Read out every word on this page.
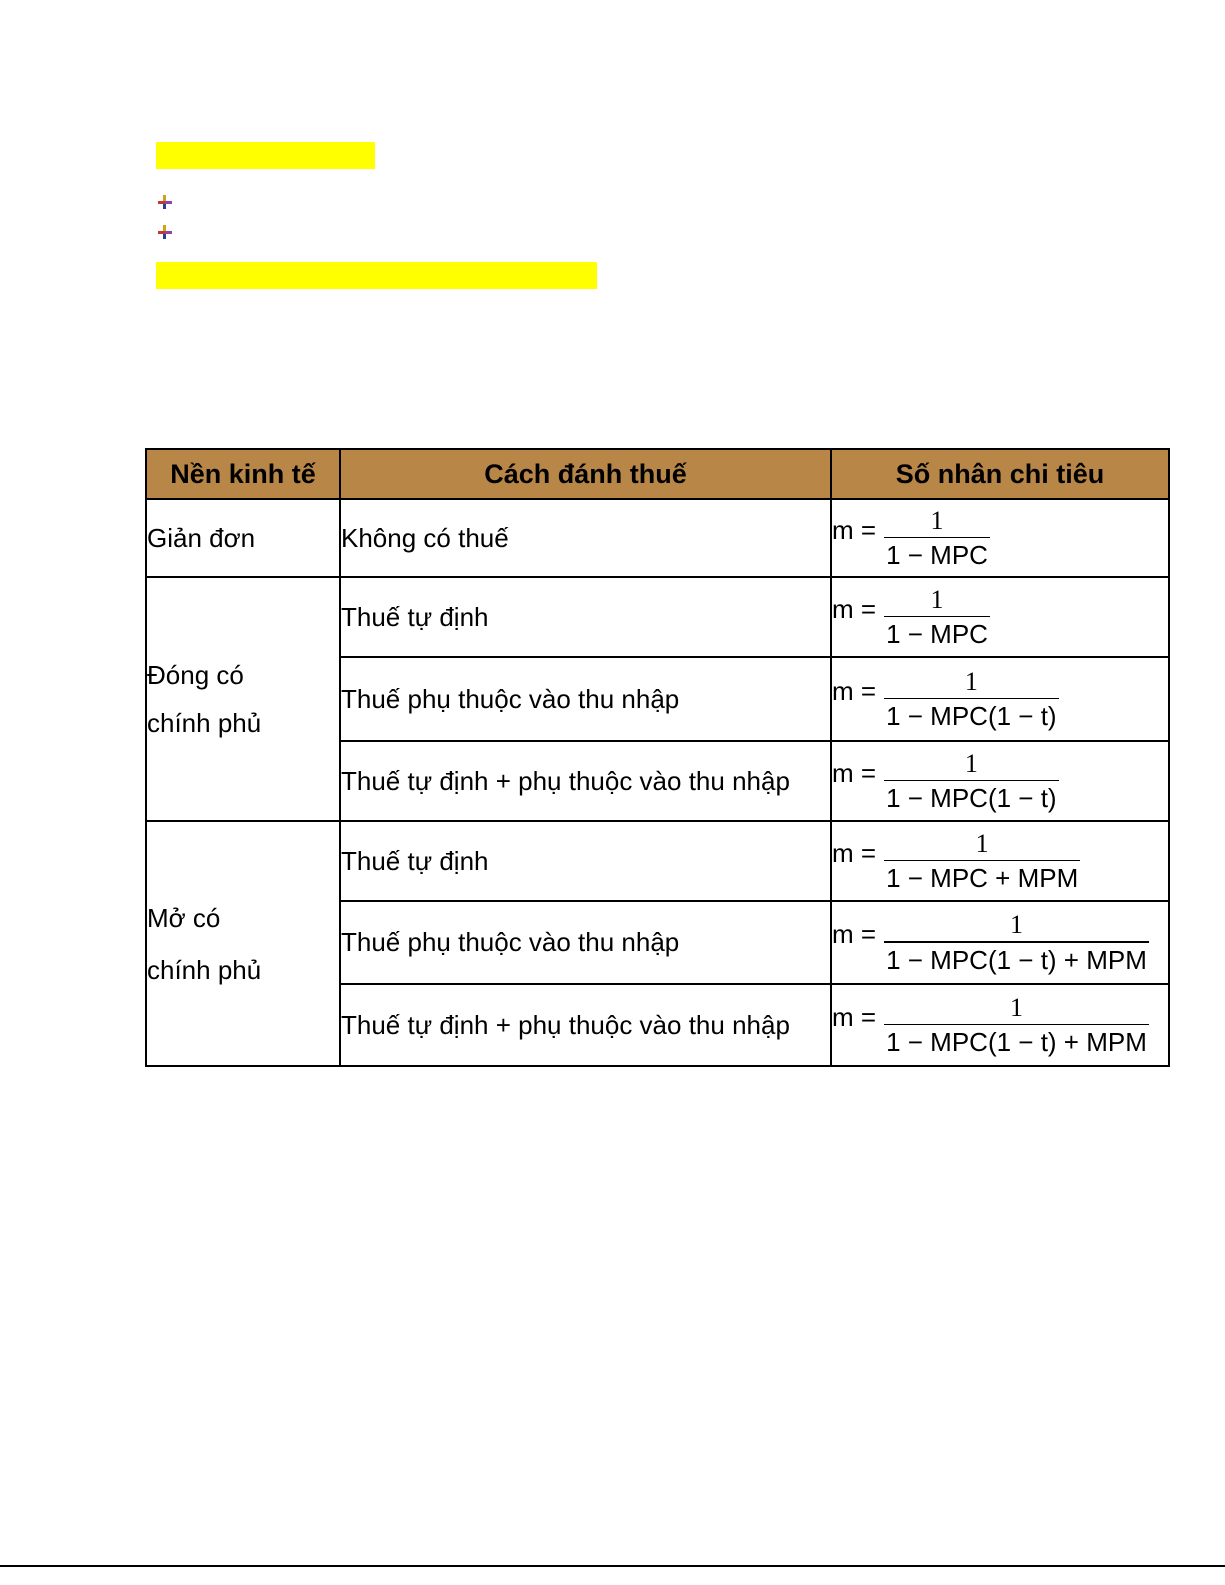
Nền kinh tế	Cách đánh thuế	Số nhân chi tiêu
Giản đơn	Không có thuế	$m = \frac{1}{\text{1 − MPC}}$

Đóng có
chính phủ	Thuế tự định	$m = \frac{1}{\text{1 − MPC}}$

	Thuế phụ thuộc vào thu nhập	$m = \frac{1}{\text{1 − MPC(1 − t)}}$

	Thuế tự định + phụ thuộc vào thu nhập	$m = \frac{1}{\text{1 − MPC(1 − t)}}$

Mở có
chính phủ	Thuế tự định	$m = \frac{1}{\text{1 − MPC + MPM}}$

	Thuế phụ thuộc vào thu nhập	$m = \frac{1}{\text{1 − MPC(1 − t) + MPM}}$

	Thuế tự định + phụ thuộc vào thu nhập	$m = \frac{1}{\text{1 − MPC(1 − t) + MPM}}$
